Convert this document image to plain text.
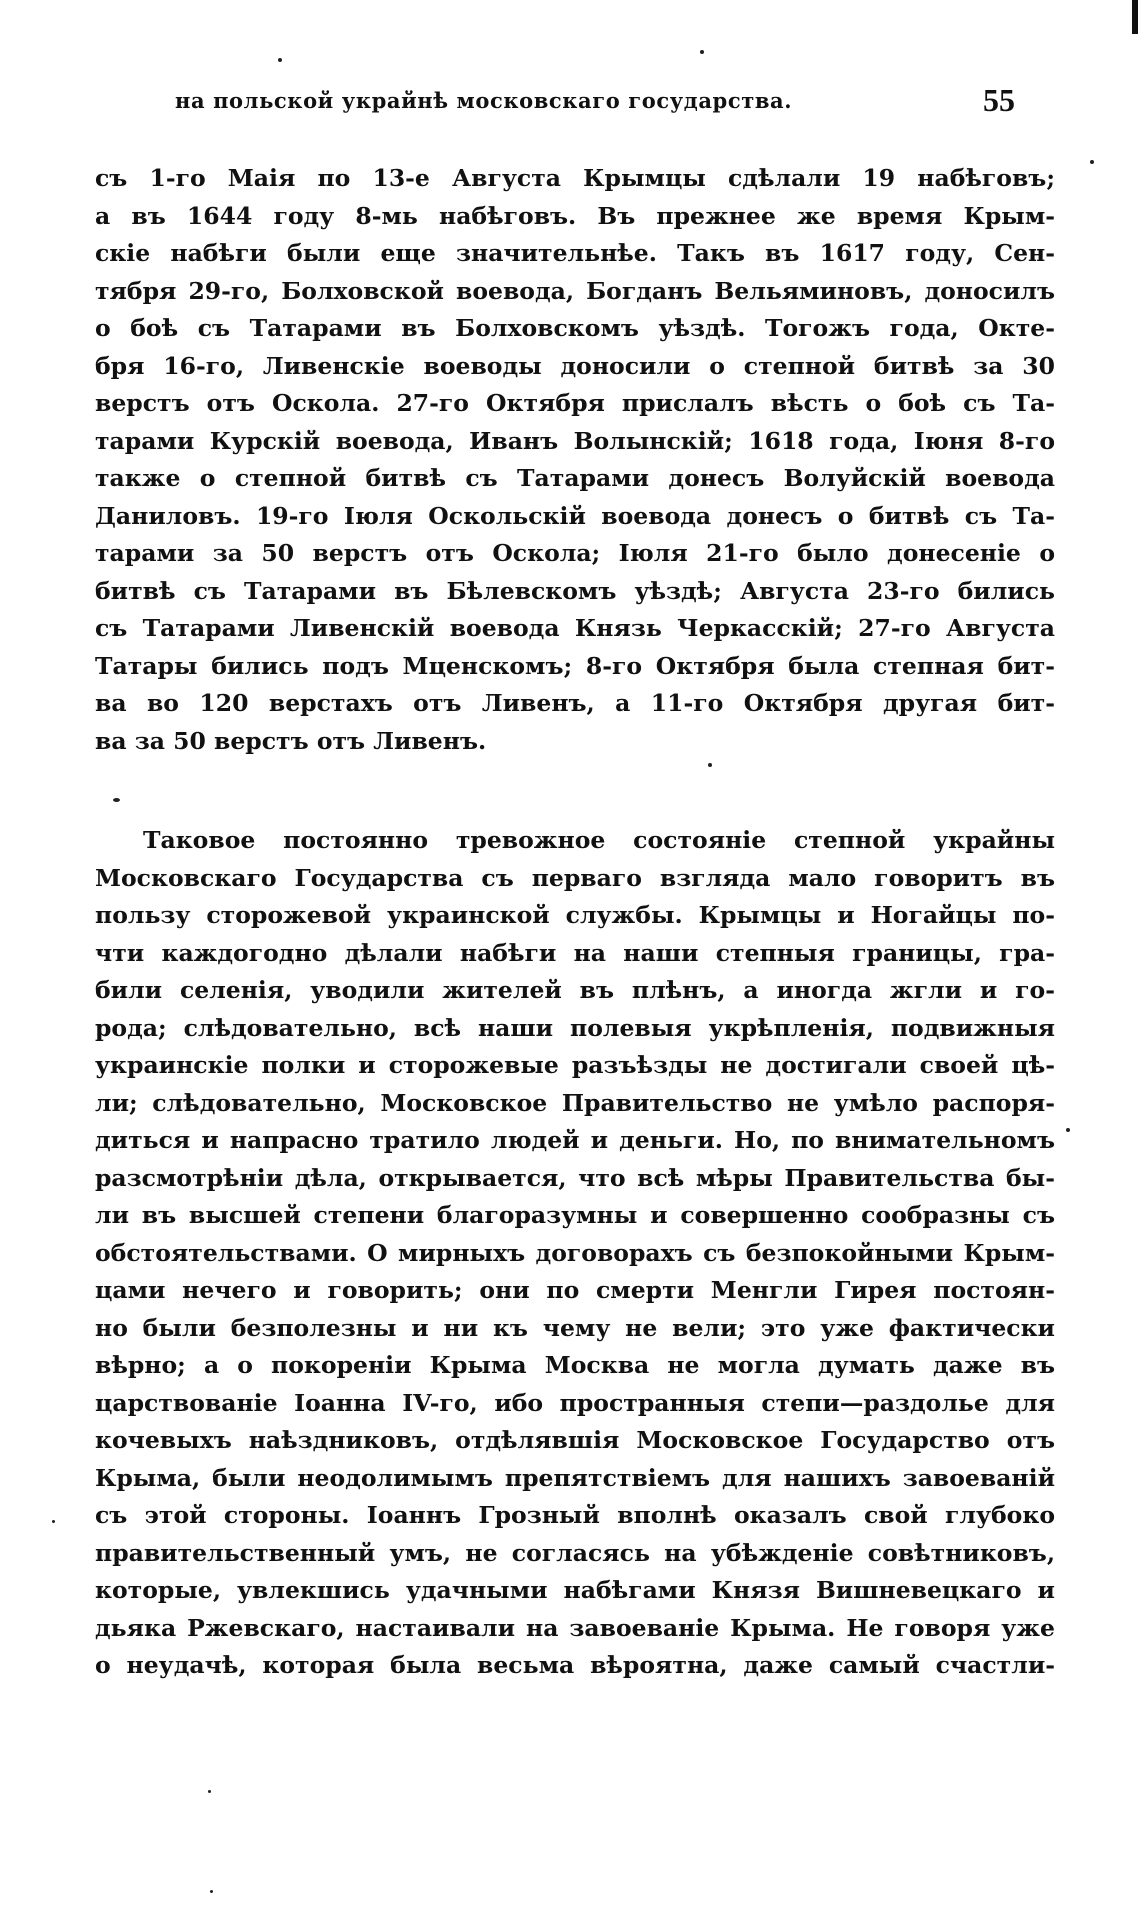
на польской украйнѣ московскаго государства.	55
съ 1-го Маія по 13-е Августа Крымцы сдѣлали 19 набѣговъ;
а въ 1644 году 8-мь набѣговъ. Въ прежнее же время Крым-
скіе набѣги были еще значительнѣе. Такъ въ 1617 году, Сен-
тября 29-го, Болховской воевода, Богданъ Вельяминовъ, доносилъ
о боѣ съ Татарами въ Болховскомъ уѣздѣ. Тогожъ года, Окте-
бря 16-го, Ливенскіе воеводы доносили о степной битвѣ за 30
верстъ отъ Оскола. 27-го Октября прислалъ вѣсть о боѣ съ Та-
тарами Курскій воевода, Иванъ Волынскій; 1618 года, Іюня 8-го
также о степной битвѣ съ Татарами донесъ Волуйскій воевода
Даниловъ. 19-го Іюля Оскольскій воевода донесъ о битвѣ съ Та-
тарами за 50 верстъ отъ Оскола; Іюля 21-го было донесеніе о
битвѣ съ Татарами въ Бѣлевскомъ уѣздѣ; Августа 23-го бились
съ Татарами Ливенскій воевода Князь Черкасскій; 27-го Августа
Татары бились подъ Мценскомъ; 8-го Октября была степная бит-
ва во 120 верстахъ отъ Ливенъ, а 11-го Октября другая бит-
ва за 50 верстъ отъ Ливенъ.
Таковое постоянно тревожное состояніе степной украйны
Московскаго Государства съ перваго взгляда мало говоритъ въ
пользу сторожевой украинской службы. Крымцы и Ногайцы по-
чти каждогодно дѣлали набѣги на наши степныя границы, гра-
били селенія, уводили жителей въ плѣнъ, а иногда жгли и го-
рода; слѣдовательно, всѣ наши полевыя укрѣпленія, подвижныя
украинскіе полки и сторожевые разъѣзды не достигали своей цѣ-
ли; слѣдовательно, Московское Правительство не умѣло распоря-
диться и напрасно тратило людей и деньги. Но, по внимательномъ
разсмотрѣніи дѣла, открывается, что всѣ мѣры Правительства бы-
ли въ высшей степени благоразумны и совершенно сообразны съ
обстоятельствами. О мирныхъ договорахъ съ безпокойными Крым-
цами нечего и говорить; они по смерти Менгли Гирея постоян-
но были безполезны и ни къ чему не вели; это уже фактически
вѣрно; а о покореніи Крыма Москва не могла думать даже въ
царствованіе Іоанна IV-го, ибо пространныя степи—раздолье для
кочевыхъ наѣздниковъ, отдѣлявшія Московское Государство отъ
Крыма, были неодолимымъ препятствіемъ для нашихъ завоеваній
съ этой стороны. Іоаннъ Грозный вполнѣ оказалъ свой глубоко
правительственный умъ, не согласясь на убѣжденіе совѣтниковъ,
которые, увлекшись удачными набѣгами Князя Вишневецкаго и
дьяка Ржевскаго, настаивали на завоеваніе Крыма. Не говоря уже
о неудачѣ, которая была весьма вѣроятна, даже самый счастли-
